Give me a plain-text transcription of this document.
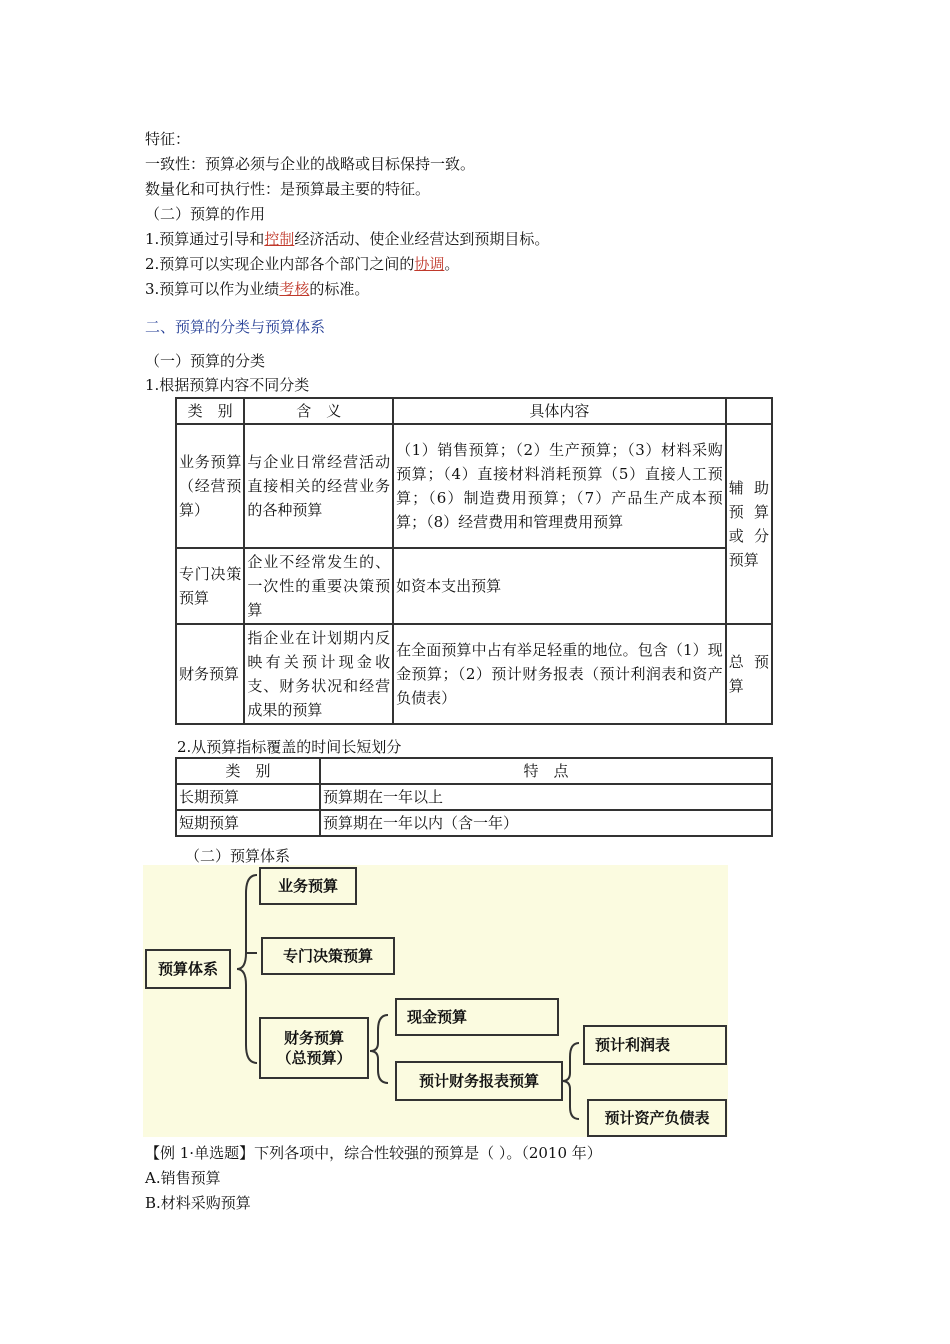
特征：
一致性：预算必须与企业的战略或目标保持一致。
数量化和可执行性：是预算最主要的特征。
（二）预算的作用
1.预算通过引导和控制经济活动、使企业经营达到预期目标。
2.预算可以实现企业内部各个部门之间的协调。
3.预算可以作为业绩考核的标准。
二、预算的分类与预算体系
（一）预算的分类
1.根据预算内容不同分类
类　别	含　义	具体内容	
业务预算（经营预算）	与企业日常经营活动直接相关的经营业务的各种预算	（1）销售预算；（2）生产预算；（3）材料采购预算；（4）直接材料消耗预算（5）直接人工预算；（6）制造费用预算；（7）产品生产成本预算；（8）经营费用和管理费用预算	辅助预算或分预算
专门决策预算	企业不经常发生的、一次性的重要决策预算	如资本支出预算	
财务预算	指企业在计划期内反映有关预计现金收支、财务状况和经营成果的预算	在全面预算中占有举足轻重的地位。包含（1）现金预算；（2）预计财务报表（预计利润表和资产负债表）	总预算
2.从预算指标覆盖的时间长短划分
类　别	特　点
长期预算	预算期在一年以上
短期预算	预算期在一年以内（含一年）
（二）预算体系
预算体系
业务预算
专门决策预算
财务预算
（总预算）
现金预算
预计财务报表预算
预计利润表
预计资产负债表
【例 1·单选题】下列各项中，综合性较强的预算是（ ）。（2010 年）
A.销售预算
B.材料采购预算
